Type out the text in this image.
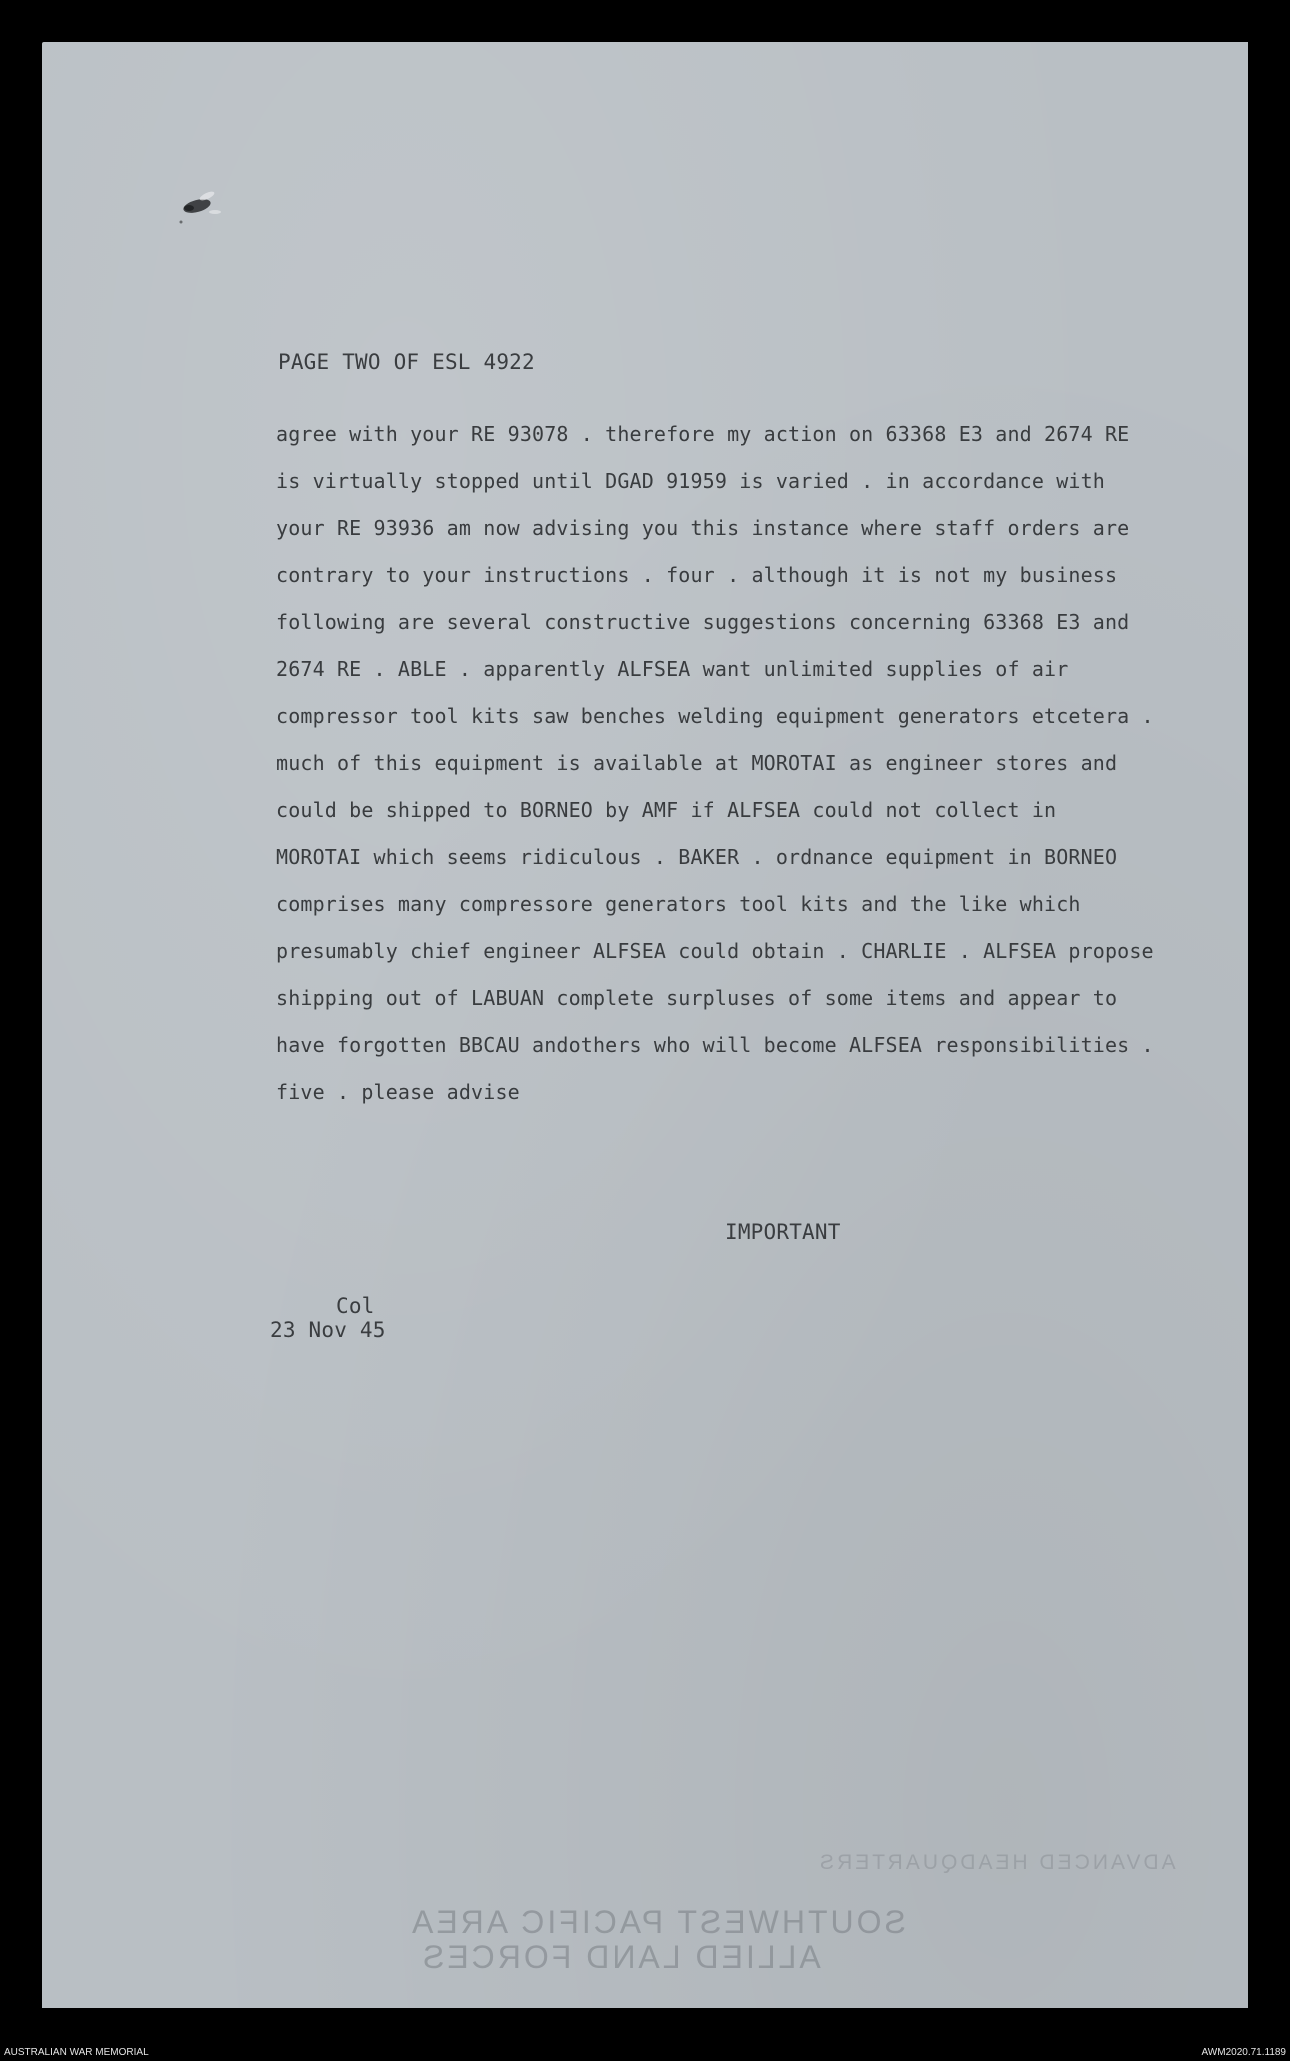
PAGE TWO OF ESL 4922
agree with your RE 93078 . therefore my action on 63368 E3 and 2674 RE
is virtually stopped until DGAD 91959 is varied . in accordance with
your RE 93936 am now advising you this instance where staff orders are
contrary to your instructions . four . although it is not my business
following are several constructive suggestions concerning 63368 E3 and
2674 RE . ABLE . apparently ALFSEA want unlimited supplies of air
compressor tool kits saw benches welding equipment generators etcetera .
much of this equipment is available at MOROTAI as engineer stores and
could be shipped to BORNEO by AMF if ALFSEA could not collect in
MOROTAI which seems ridiculous . BAKER . ordnance equipment in BORNEO
comprises many compressore generators tool kits and the like which
presumably chief engineer ALFSEA could obtain . CHARLIE . ALFSEA propose
shipping out of LABUAN complete surpluses of some items and appear to
have forgotten BBCAU andothers who will become ALFSEA responsibilities .
five . please advise
IMPORTANT
Col
23 Nov 45
ADVANCED HEADQUARTERS
SOUTHWEST PACIFIC AREA
ALLIED LAND FORCES
AUSTRALIAN WAR MEMORIAL	AWM2020.71.1189
